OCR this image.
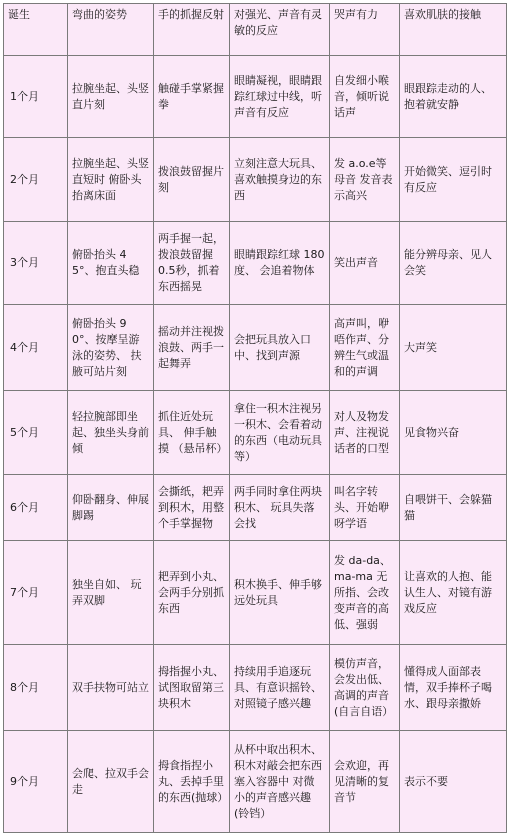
诞生	弯曲的姿势	手的抓握反射	对强光、声音有灵敏的反应	哭声有力	喜欢肌肤的接触
1个月	拉腕坐起、头竖直片刻	触碰手掌紧握拳	眼睛凝视，眼睛跟踪红球过中线，听声音有反应	自发细小喉音，倾听说话声	眼跟踪走动的人、抱着就安静
2个月	拉腕坐起、头竖直短时 俯卧头抬离床面	拨浪鼓留握片刻	立刻注意大玩具、喜欢触摸身边的东西	发 a.o.e等母音 发音表示高兴	开始微笑、逗引时有反应
3个月	俯卧抬头 45°、抱直头稳	两手握一起，拨浪鼓留握 0.5秒，抓着东西摇晃	眼睛跟踪红球 180度、 会追着物体	笑出声音	能分辨母亲、见人会笑
4个月	俯卧抬头 90°、按摩呈游泳的姿势、 扶腋可站片刻	摇动并注视拨浪鼓、两手一起舞弄	会把玩具放入口中、找到声源	高声叫，咿唔作声、分辨生气或温和的声调	大声笑
5个月	轻拉腕部即坐起、独坐头身前倾	抓住近处玩具、 伸手触摸 （悬吊杯）	拿住一积木注视另一积木、会看着动的东西（电动玩具等）	对人及物发声、注视说话者的口型	见食物兴奋
6个月	仰卧翻身、伸展脚踢	会撕纸，耙弄到积木，用整个手掌握物	两手同时拿住两块积木、 玩具失落会找	叫名字转头、开始咿呀学语	自喂饼干、会躲猫猫
7个月	独坐自如、 玩弄双脚	耙弄到小丸、会两手分别抓东西	积木换手、伸手够远处玩具	发 da-da、ma-ma 无所指、会改变声音的高低、强弱	让喜欢的人抱、能认生人、对镜有游戏反应
8个月	双手扶物可站立	拇指握小丸、试图取留第三块积木	持续用手追逐玩具、有意识摇铃、对照镜子感兴趣	模仿声音，会发出低、高调的声音(自言自语）	懂得成人面部表情，双手捧杯子喝水、跟母亲撒娇
9个月	会爬、拉双手会走	拇食指捏小丸、丢掉手里的东西(抛球）	从杯中取出积木、积木对敲会把东西塞入容器中 对微小的声音感兴趣(铃铛）	会欢迎，再见清晰的复音节	表示不要
